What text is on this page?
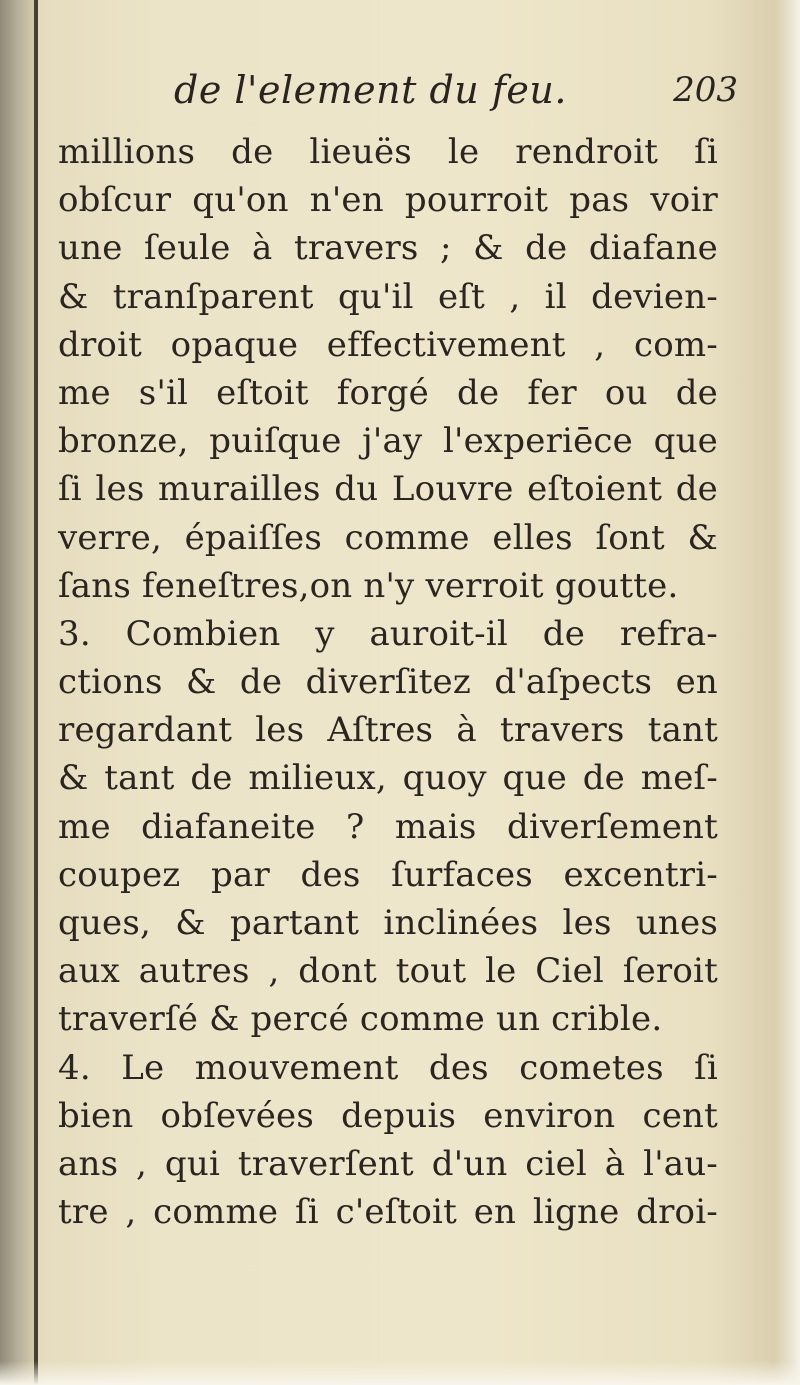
de l'element du feu.	203
millions de lieuës le rendroit ſi
obſcur qu'on n'en pourroit pas voir
une ſeule à travers ; & de diafane
& tranſparent qu'il eſt , il devien-
droit opaque effectivement , com-
me s'il eſtoit forgé de fer ou de
bronze, puiſque j'ay l'experiēce que
ſi les murailles du Louvre eſtoient de
verre, épaiſſes comme elles ſont &
ſans feneſtres,on n'y verroit goutte.
3. Combien y auroit-il de refra-
ctions & de diverſitez d'aſpects en
regardant les Aſtres à travers tant
& tant de milieux, quoy que de meſ-
me diafaneite ? mais diverſement
coupez par des ſurfaces excentri-
ques, & partant inclinées les unes
aux autres , dont tout le Ciel ſeroit
traverſé & percé comme un crible.
4. Le mouvement des cometes ſi
bien obſevées depuis environ cent
ans , qui traverſent d'un ciel à l'au-
tre , comme ſi c'eſtoit en ligne droi-
